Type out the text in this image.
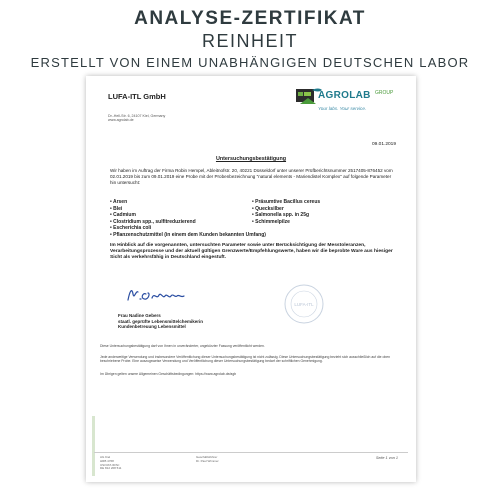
ANALYSE-ZERTIFIKAT
REINHEIT
ERSTELLT VON EINEM UNABHÄNGIGEN DEUTSCHEN LABOR
LUFA-ITL GmbH
Dr.-Hell-Str. 6, 24107 Kiel, Germany
www.agrolab.de
AGROLAB GROUP
Your labs. Your service.
09.01.2019
Untersuchungsbestätigung
Wir haben im Auftrag der Firma Robin Hempel, Ableitnofstr. 20, 40221 Düsseldorf unter unserer Prüfberichtsnummer 2517405-876452 vom 02.01.2019 bis zum 09.01.2019 eine Probe mit der Probenbezeichnung "natural elements - Mariendistel Komplex" auf folgende Parameter hin untersucht:
• Arsen
• Blei
• Cadmium
• Clostridium spp., sulfitreduzierend
• Escherichia coli
• Pflanzenschutzmittel (in einem dem Kunden bekannten Umfang)
• Präsumtive Bacillus cereus
• Quecksilber
• Salmonella spp. in 25g
• Schimmelpilze
Im Hinblick auf die vorgenannten, untersuchten Parameter sowie unter Berücksichtigung der Messtoleranzen, Verarbeitungsprozesse und der aktuell gültigen Grenzwerte/Empfehlungswerte, haben wir die beprobte Ware aus hiesiger Sicht als verkehrsfähig in Deutschland eingestuft.
LUFA-ITL
Frau Nadine Gebers
staatl. geprüfte Lebensmittelchemikerin
Kundenbetreuung Lebensmittel
Diese Untersuchungsbestätigung darf von Ihnen in unveränderter, ungekürzter Fassung veröffentlicht werden.
Jede anderweitige Verwendung und insbesondere Veröffentlichung dieser Untersuchungsbestätigung ist nicht zulässig. Diese Untersuchungsbestätigung bezieht sich ausschließlich auf die oben beschriebene Probe. Eine auszugsweise Verwendung und Veröffentlichung dieser Untersuchungsbestätigung bedarf der schriftlichen Genehmigung.
Im Übrigen gelten unsere Allgemeinen Geschäftsbedingungen: https://www.agrolab.de/agb
AG Kiel
HRB 4768
USt/VAT-ID/Nr:
DE 812 208 511
Geschäftsführer
Dr. Paul Wimmer
Seite 1 von 1
